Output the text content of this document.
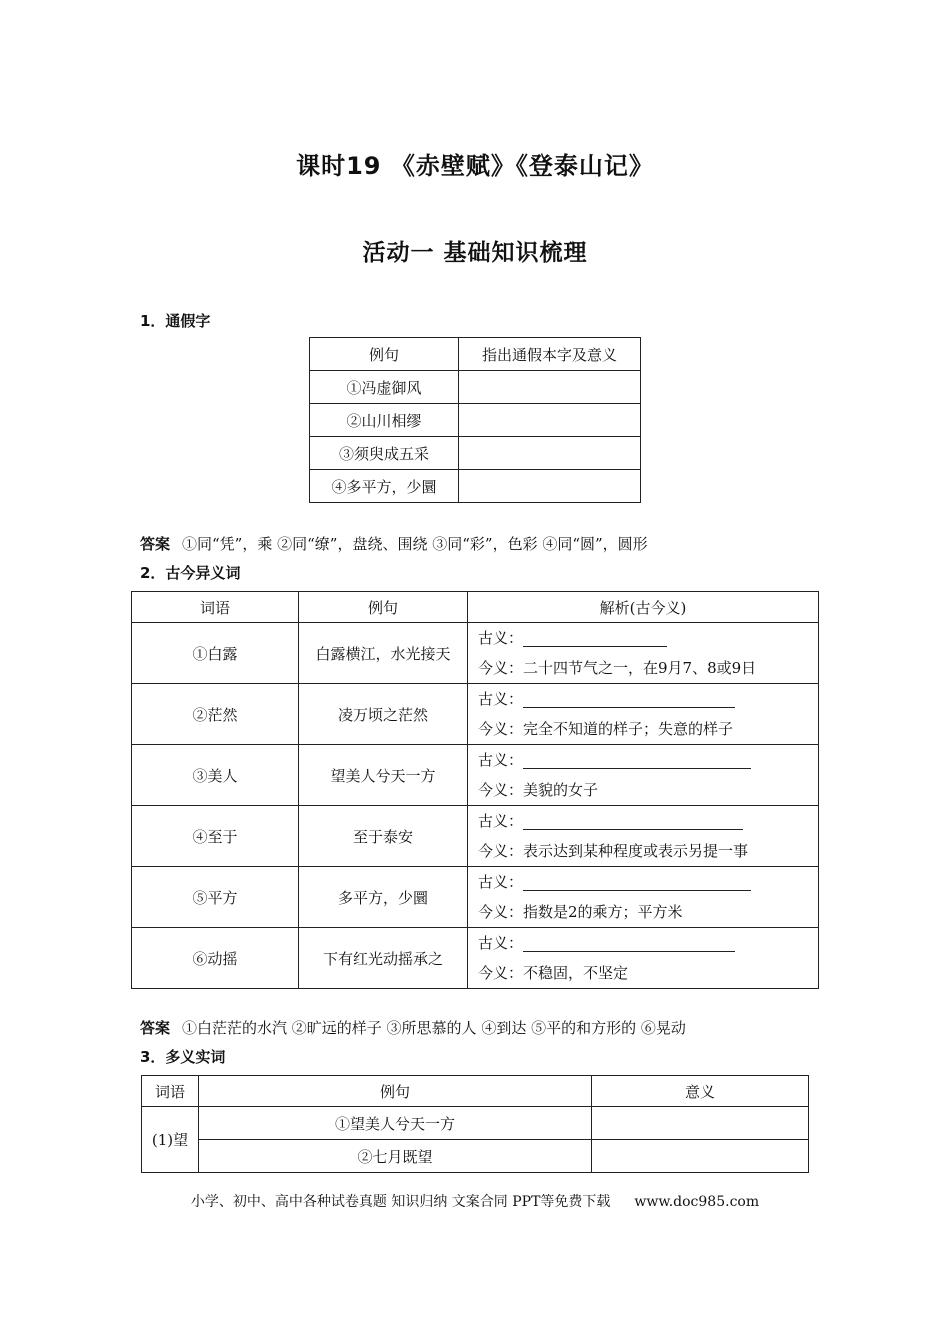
课时19 《赤壁赋》《登泰山记》
活动一 基础知识梳理
1．通假字
例句	指出通假本字及意义
①冯虚御风	
②山川相缪	
③须臾成五采	
④多平方，少圜	
答案 ①同“凭”，乘 ②同“缭”，盘绕、围绕 ③同“彩”，色彩 ④同“圆”，圆形
2．古今异义词
词语	例句	解析(古今义)
①白露	白露横江，水光接天	古义：
今义：二十四节气之一，在9月7、8或9日

②茫然	凌万顷之茫然	古义：
今义：完全不知道的样子；失意的样子

③美人	望美人兮天一方	古义：
今义：美貌的女子

④至于	至于泰安	古义：
今义：表示达到某种程度或表示另提一事

⑤平方	多平方，少圜	古义：
今义：指数是2的乘方；平方米

⑥动摇	下有红光动摇承之	古义：
今义：不稳固，不坚定
答案 ①白茫茫的水汽 ②旷远的样子 ③所思慕的人 ④到达 ⑤平的和方形的 ⑥晃动
3．多义实词
词语	例句	意义
(1)望	①望美人兮天一方	
	②七月既望	
小学、初中、高中各种试卷真题 知识归纳 文案合同 PPT等免费下载 www.doc985.com
